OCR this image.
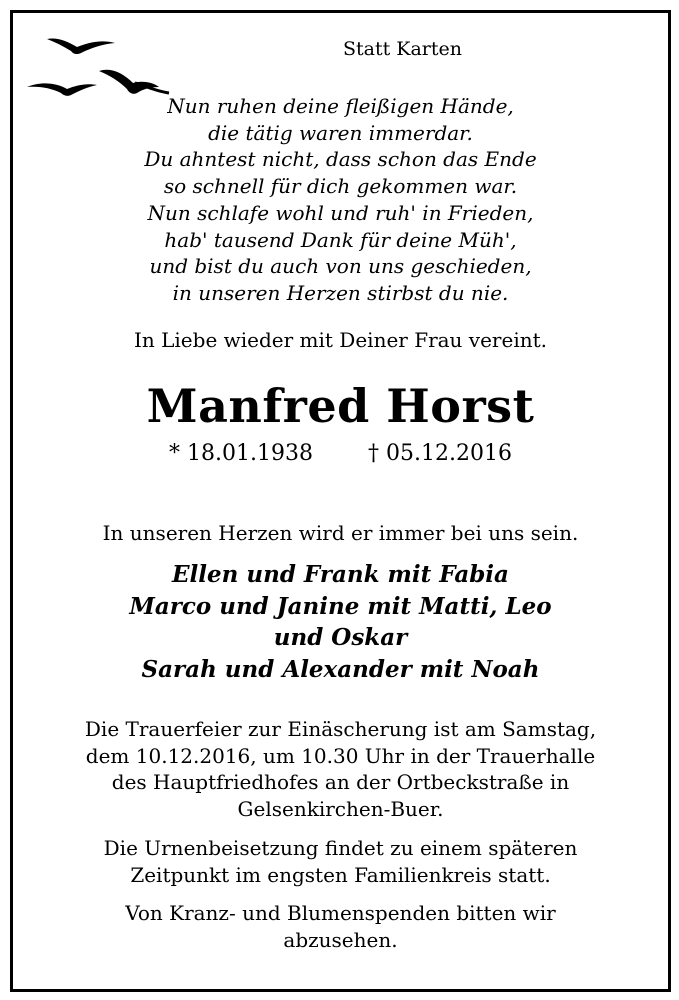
Statt Karten
Nun ruhen deine fleißigen Hände,
die tätig waren immerdar.
Du ahntest nicht, dass schon das Ende
so schnell für dich gekommen war.
Nun schlafe wohl und ruh' in Frieden,
hab' tausend Dank für deine Müh',
und bist du auch von uns geschieden,
in unseren Herzen stirbst du nie.
In Liebe wieder mit Deiner Frau vereint.
Manfred Horst
* 18.01.1938	† 05.12.2016
In unseren Herzen wird er immer bei uns sein.
Ellen und Frank mit Fabia
Marco und Janine mit Matti, Leo
und Oskar
Sarah und Alexander mit Noah
Die Trauerfeier zur Einäscherung ist am Samstag,
dem 10.12.2016, um 10.30 Uhr in der Trauerhalle
des Hauptfriedhofes an der Ortbeckstraße in
Gelsenkirchen-Buer.
Die Urnenbeisetzung findet zu einem späteren
Zeitpunkt im engsten Familienkreis statt.
Von Kranz- und Blumenspenden bitten wir
abzusehen.
